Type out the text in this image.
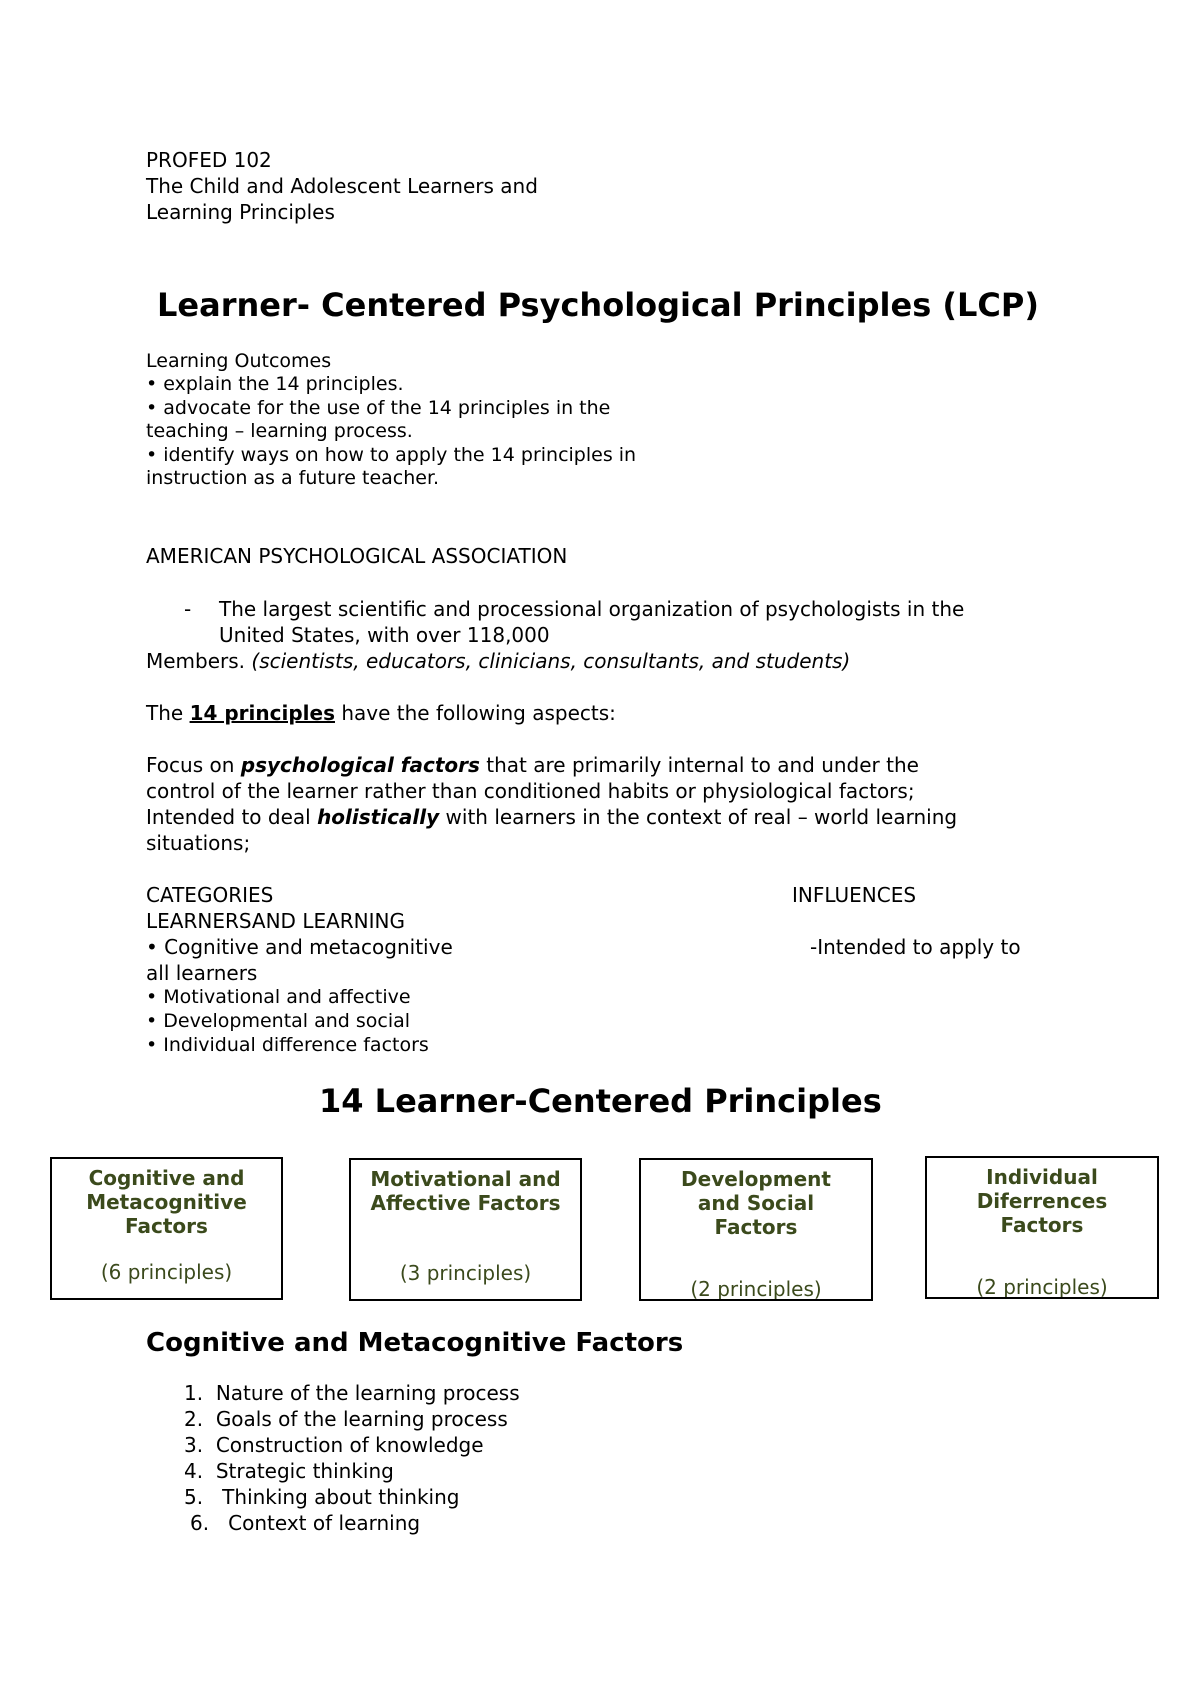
PROFED 102
The Child and Adolescent Learners and
Learning Principles
Learner- Centered Psychological Principles (LCP)
Learning Outcomes
• explain the 14 principles.
• advocate for the use of the 14 principles in the
teaching – learning process.
• identify ways on how to apply the 14 principles in
instruction as a future teacher.
AMERICAN PSYCHOLOGICAL ASSOCIATION
- The largest scientific and processional organization of psychologists in the
United States, with over 118,000
Members. (scientists, educators, clinicians, consultants, and students)
The 14 principles have the following aspects:
Focus on psychological factors that are primarily internal to and under the
control of the learner rather than conditioned habits or physiological factors;
Intended to deal holistically with learners in the context of real – world learning
situations;
CATEGORIES	INFLUENCES
LEARNERSAND LEARNING
• Cognitive and metacognitive	-Intended to apply to
all learners
• Motivational and affective
• Developmental and social
• Individual difference factors
14 Learner-Centered Principles
Cognitive and Metacognitive Factors
(6 principles)
Motivational and Affective Factors
(3 principles)
Development and Social Factors
(2 principles)
Individual Diferrences Factors
(2 principles)
Cognitive and Metacognitive Factors
1. Nature of the learning process
2. Goals of the learning process
3. Construction of knowledge
4. Strategic thinking
5. Thinking about thinking
6. Context of learning
